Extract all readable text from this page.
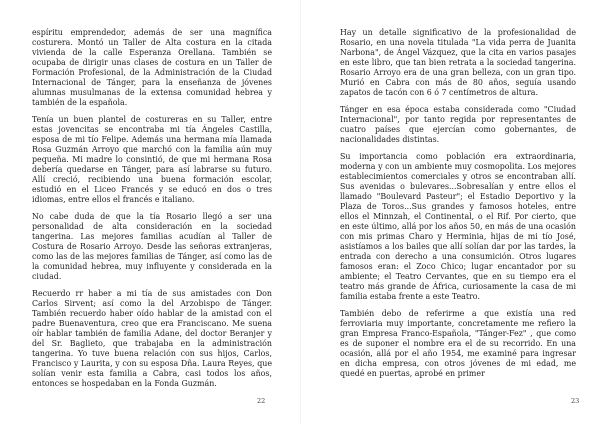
espíritu emprendedor, además de ser una magnífica costurera. Montó un Taller de Alta costura en la citada vivienda de la calle Esperanza Orellana. También se ocupaba de dirigir unas clases de costura en un Taller de Formación Profesional, de la Administración de la Ciudad Internacional de Tánger, para la enseñanza de jóvenes alumnas musulmanas de la extensa comunidad hebrea y también de la española.

Tenía un buen plantel de costureras en su Taller, entre estas jovencitas se encontraba mi tía Ángeles Castilla, esposa de mi tío Felipe. Además una hermana mía llamada Rosa Guzmán Arroyo que marchó con la familia aún muy pequeña. Mi madre lo consintió, de que mi hermana Rosa debería quedarse en Tánger, para así labrarse su futuro. Allí creció, recibiendo una buena formación escolar, estudió en el Liceo Francés y se educó en dos o tres idiomas, entre ellos el francés e italiano.

No cabe duda de que la tía Rosario llegó a ser una personalidad de alta consideración en la sociedad tangerina. Las mejores familias acudían al Taller de Costura de Rosario Arroyo. Desde las señoras extranjeras, como las de las mejores familias de Tánger, así como las de la comunidad hebrea, muy influyente y considerada en la ciudad.

Recuerdo rr haber a mi tía de sus amistades con Don Carlos Sirvent; así como la del Arzobispo de Tánger. También recuerdo haber oído hablar de la amistad con el padre Buenaventura, creo que era Franciscano. Me suena oír hablar también de familia Adane, del doctor Beranjer y del Sr. Baglieto, que trabajaba en la administración tangerina. Yo tuve buena relación con sus hijos, Carlos, Francisco y Laurita, y con su esposa Dña. Laura Reyes, que solían venir esta familia a Cabra, casi todos los años, entonces se hospedaban en la Fonda Guzmán.

22

Hay un detalle significativo de la profesionalidad de Rosario, en una novela titulada "La vida perra de Juanita Narbona", de Ángel Vázquez, que la cita en varios pasajes en este libro, que tan bien retrata a la sociedad tangerina. Rosario Arroyo era de una gran belleza, con un gran tipo. Murió en Cabra con más de 80 años, seguía usando zapatos de tacón con 6 ó 7 centímetros de altura.

Tánger en esa época estaba considerada como "Ciudad Internacional", por tanto regida por representantes de cuatro países que ejercían como gobernantes, de nacionalidades distintas.

Su importancia como población era extraordinaria, moderna y con un ambiente muy cosmopolita. Los mejores establecimientos comerciales y otros se encontraban allí. Sus avenidas o bulevares...Sobresalían y entre ellos el llamado "Boulevard Pasteur"; el Estadio Deportivo y la Plaza de Toros...Sus grandes y famosos hoteles, entre ellos el Minnzah, el Continental, o el Rif. Por cierto, que en este último, allá por los años 50, en más de una ocasión con mis primas Charo y Herminia, hijas de mi tío José, asistíamos a los bailes que allí solían dar por las tardes, la entrada con derecho a una consumición. Otros lugares famosos eran: el Zoco Chico; lugar encantador por su ambiente; el Teatro Cervantes, que en su tiempo era el teatro más grande de África, curiosamente la casa de mi familia estaba frente a este Teatro.

También debo de referirme a que existía una red ferroviaria muy importante, concretamente me refiero la gran Empresa Franco-Española, "Tánger-Fez" , que como es de suponer el nombre era el de su recorrido. En una ocasión, allá por el año 1954, me examiné para ingresar en dicha empresa, con otros jóvenes de mi edad, me quedé en puertas, aprobé en primer

23
